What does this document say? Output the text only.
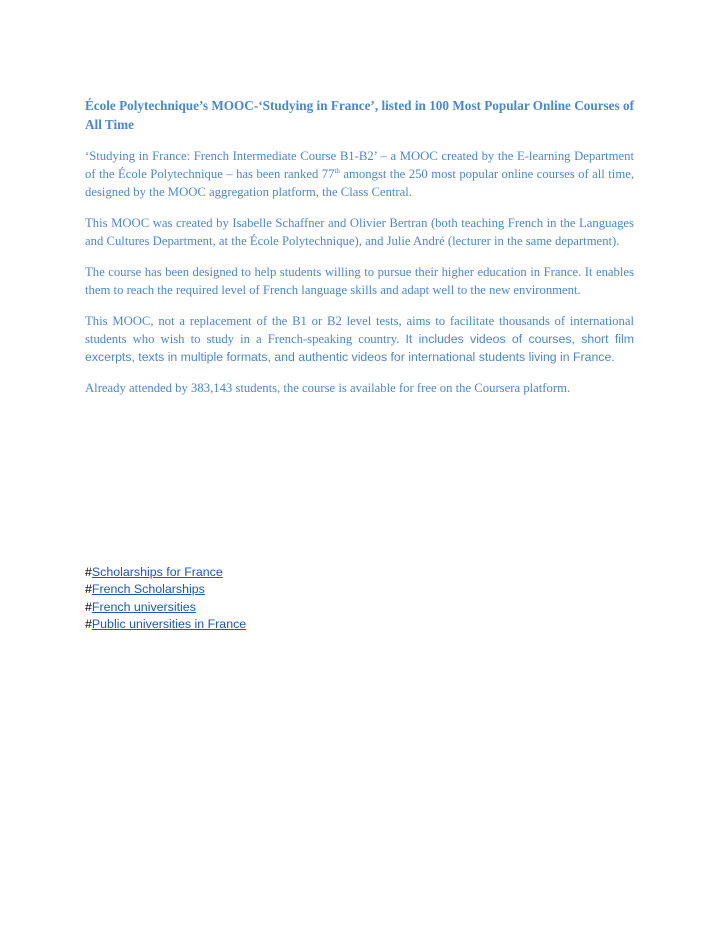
École Polytechnique’s MOOC-‘Studying in France’, listed in 100 Most Popular Online Courses of All Time

‘Studying in France: French Intermediate Course B1-B2’ – a MOOC created by the E-learning Department of the École Polytechnique – has been ranked 77th amongst the 250 most popular online courses of all time, designed by the MOOC aggregation platform, the Class Central.

This MOOC was created by Isabelle Schaffner and Olivier Bertran (both teaching French in the Languages and Cultures Department, at the École Polytechnique), and Julie André (lecturer in the same department).

The course has been designed to help students willing to pursue their higher education in France. It enables them to reach the required level of French language skills and adapt well to the new environment.

This MOOC, not a replacement of the B1 or B2 level tests, aims to facilitate thousands of international students who wish to study in a French-speaking country. It includes videos of courses, short film excerpts, texts in multiple formats, and authentic videos for international students living in France.

Already attended by 383,143 students, the course is available for free on the Coursera platform.

#Scholarships for France
#French Scholarships
#French universities
#Public universities in France
